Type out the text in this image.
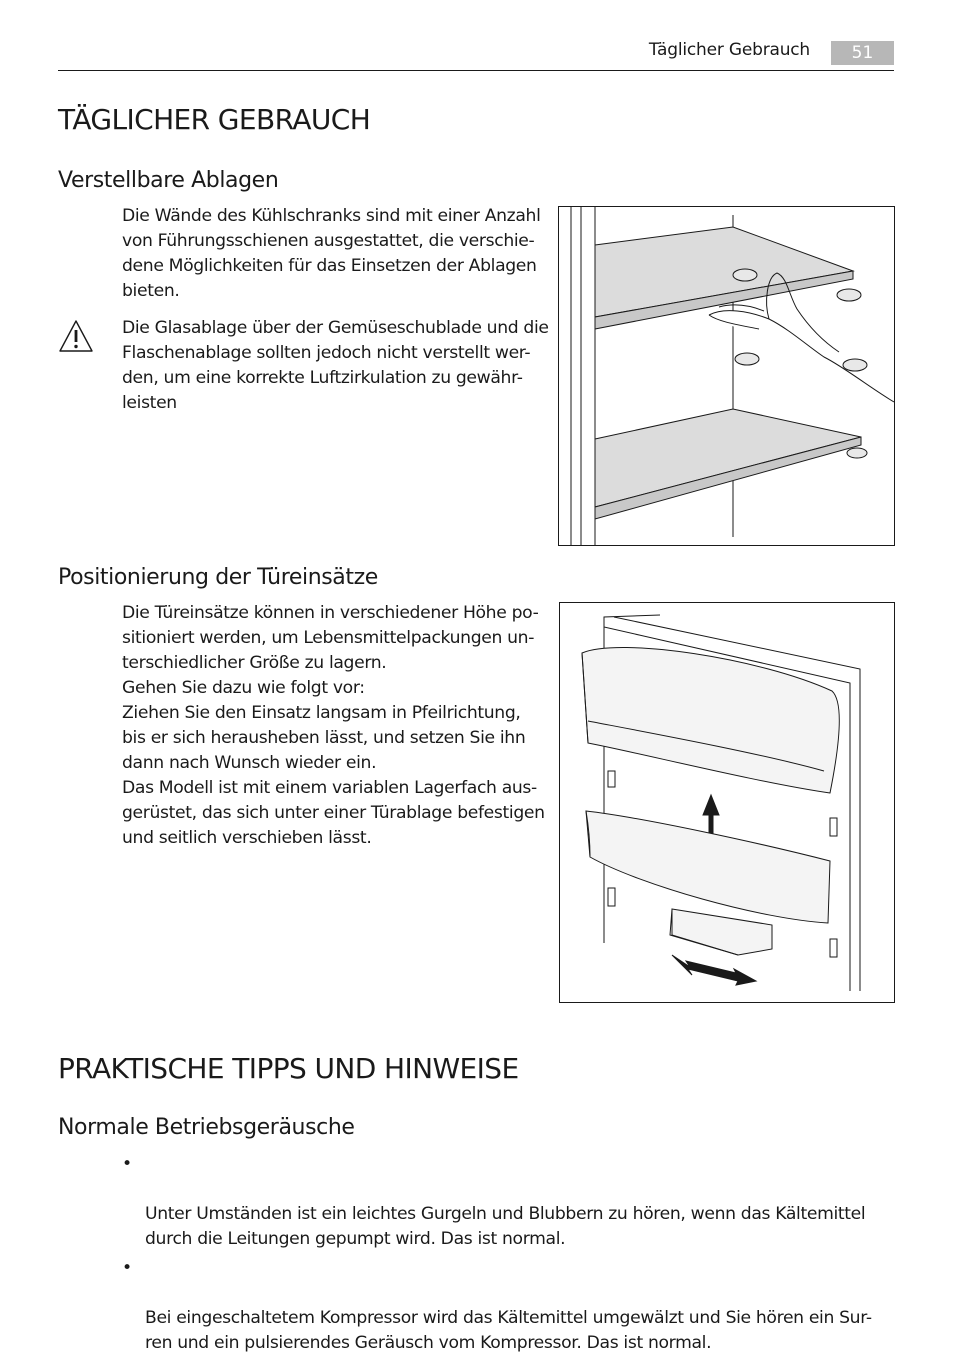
Täglicher Gebrauch	51
TÄGLICHER GEBRAUCH
Verstellbare Ablagen

Die Wände des Kühlschranks sind mit einer Anzahl
von Führungsschienen ausgestattet, die verschie-
dene Möglichkeiten für das Einsetzen der Ablagen
bieten.

Die Glasablage über der Gemüseschublade und die
Flaschenablage sollten jedoch nicht verstellt wer-
den, um eine korrekte Luftzirkulation zu gewähr-
leisten

Positionierung der Türeinsätze

Die Türeinsätze können in verschiedener Höhe po-
sitioniert werden, um Lebensmittelpackungen un-
terschiedlicher Größe zu lagern.
Gehen Sie dazu wie folgt vor:
Ziehen Sie den Einsatz langsam in Pfeilrichtung,
bis er sich herausheben lässt, und setzen Sie ihn
dann nach Wunsch wieder ein.
Das Modell ist mit einem variablen Lagerfach aus-
gerüstet, das sich unter einer Türablage befestigen
und seitlich verschieben lässt.

PRAKTISCHE TIPPS UND HINWEISE
Normale Betriebsgeräusche

•

Unter Umständen ist ein leichtes Gurgeln und Blubbern zu hören, wenn das Kältemittel
durch die Leitungen gepumpt wird. Das ist normal.

•

Bei eingeschaltetem Kompressor wird das Kältemittel umgewälzt und Sie hören ein Sur-
ren und ein pulsierendes Geräusch vom Kompressor. Das ist normal.
